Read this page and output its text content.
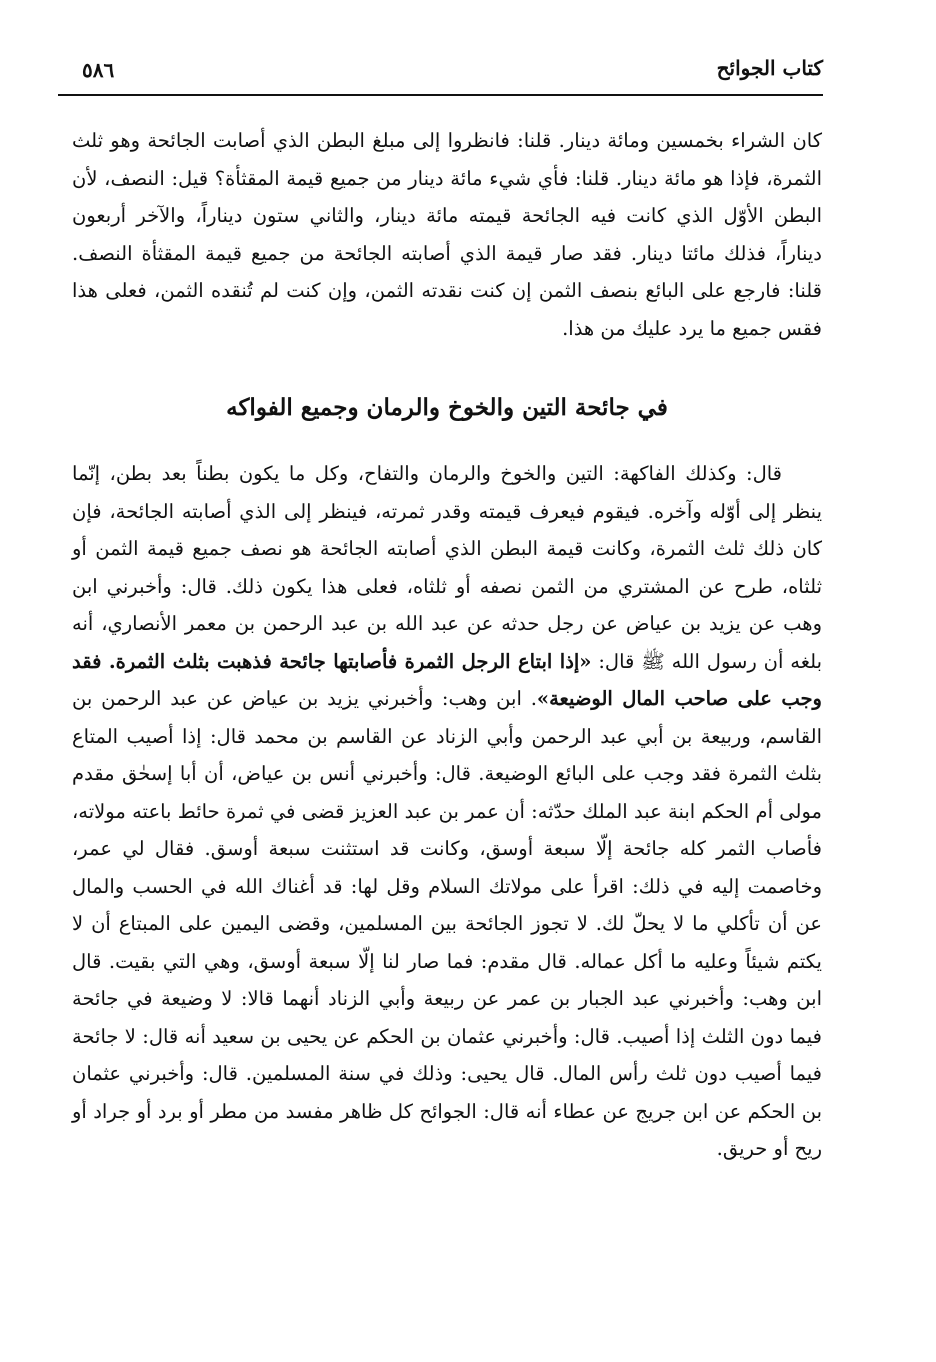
كتاب الجوائح
٥٨٦

كان الشراء بخمسين ومائة دينار. قلنا: فانظروا إلى مبلغ البطن الذي أصابت الجائحة وهو ثلث الثمرة، فإذا هو مائة دينار. قلنا: فأي شيء مائة دينار من جميع قيمة المقثأة؟ قيل: النصف، لأن البطن الأوّل الذي كانت فيه الجائحة قيمته مائة دينار، والثاني ستون ديناراً، والآخر أربعون ديناراً، فذلك مائتا دينار. فقد صار قيمة الذي أصابته الجائحة من جميع قيمة المقثأة النصف. قلنا: فارجع على البائع بنصف الثمن إن كنت نقدته الثمن، وإن كنت لم تُنقده الثمن، فعلى هذا فقس جميع ما يرد عليك من هذا.

في جائحة التين والخوخ والرمان وجميع الفواكه

قال: وكذلك الفاكهة: التين والخوخ والرمان والتفاح، وكل ما يكون بطناً بعد بطن، إنّما ينظر إلى أوّله وآخره. فيقوم فيعرف قيمته وقدر ثمرته، فينظر إلى الذي أصابته الجائحة، فإن كان ذلك ثلث الثمرة، وكانت قيمة البطن الذي أصابته الجائحة هو نصف جميع قيمة الثمن أو ثلثاه، طرح عن المشتري من الثمن نصفه أو ثلثاه، فعلى هذا يكون ذلك. قال: وأخبرني ابن وهب عن يزيد بن عياض عن رجل حدثه عن عبد الله بن عبد الرحمن بن معمر الأنصاري، أنه بلغه أن رسول الله ﷺ قال: «إذا ابتاع الرجل الثمرة فأصابتها جائحة فذهبت بثلث الثمرة. فقد وجب على صاحب المال الوضيعة». ابن وهب: وأخبرني يزيد بن عياض عن عبد الرحمن بن القاسم، وربيعة بن أبي عبد الرحمن وأبي الزناد عن القاسم بن محمد قال: إذا أصيب المتاع بثلث الثمرة فقد وجب على البائع الوضيعة. قال: وأخبرني أنس بن عياض، أن أبا إسحٰق مقدم مولى أم الحكم ابنة عبد الملك حدّثه: أن عمر بن عبد العزيز قضى في ثمرة حائط باعته مولاته، فأصاب الثمر كله جائحة إلّا سبعة أوسق، وكانت قد استثنت سبعة أوسق. فقال لي عمر، وخاصمت إليه في ذلك: اقرأ على مولاتك السلام وقل لها: قد أغناك الله في الحسب والمال عن أن تأكلي ما لا يحلّ لك. لا تجوز الجائحة بين المسلمين، وقضى اليمين على المبتاع أن لا يكتم شيئاً وعليه ما أكل عماله. قال مقدم: فما صار لنا إلّا سبعة أوسق، وهي التي بقيت. قال ابن وهب: وأخبرني عبد الجبار بن عمر عن ربيعة وأبي الزناد أنهما قالا: لا وضيعة في جائحة فيما دون الثلث إذا أصيب. قال: وأخبرني عثمان بن الحكم عن يحيى بن سعيد أنه قال: لا جائحة فيما أصيب دون ثلث رأس المال. قال يحيى: وذلك في سنة المسلمين. قال: وأخبرني عثمان بن الحكم عن ابن جريج عن عطاء أنه قال: الجوائح كل ظاهر مفسد من مطر أو برد أو جراد أو ريح أو حريق.
